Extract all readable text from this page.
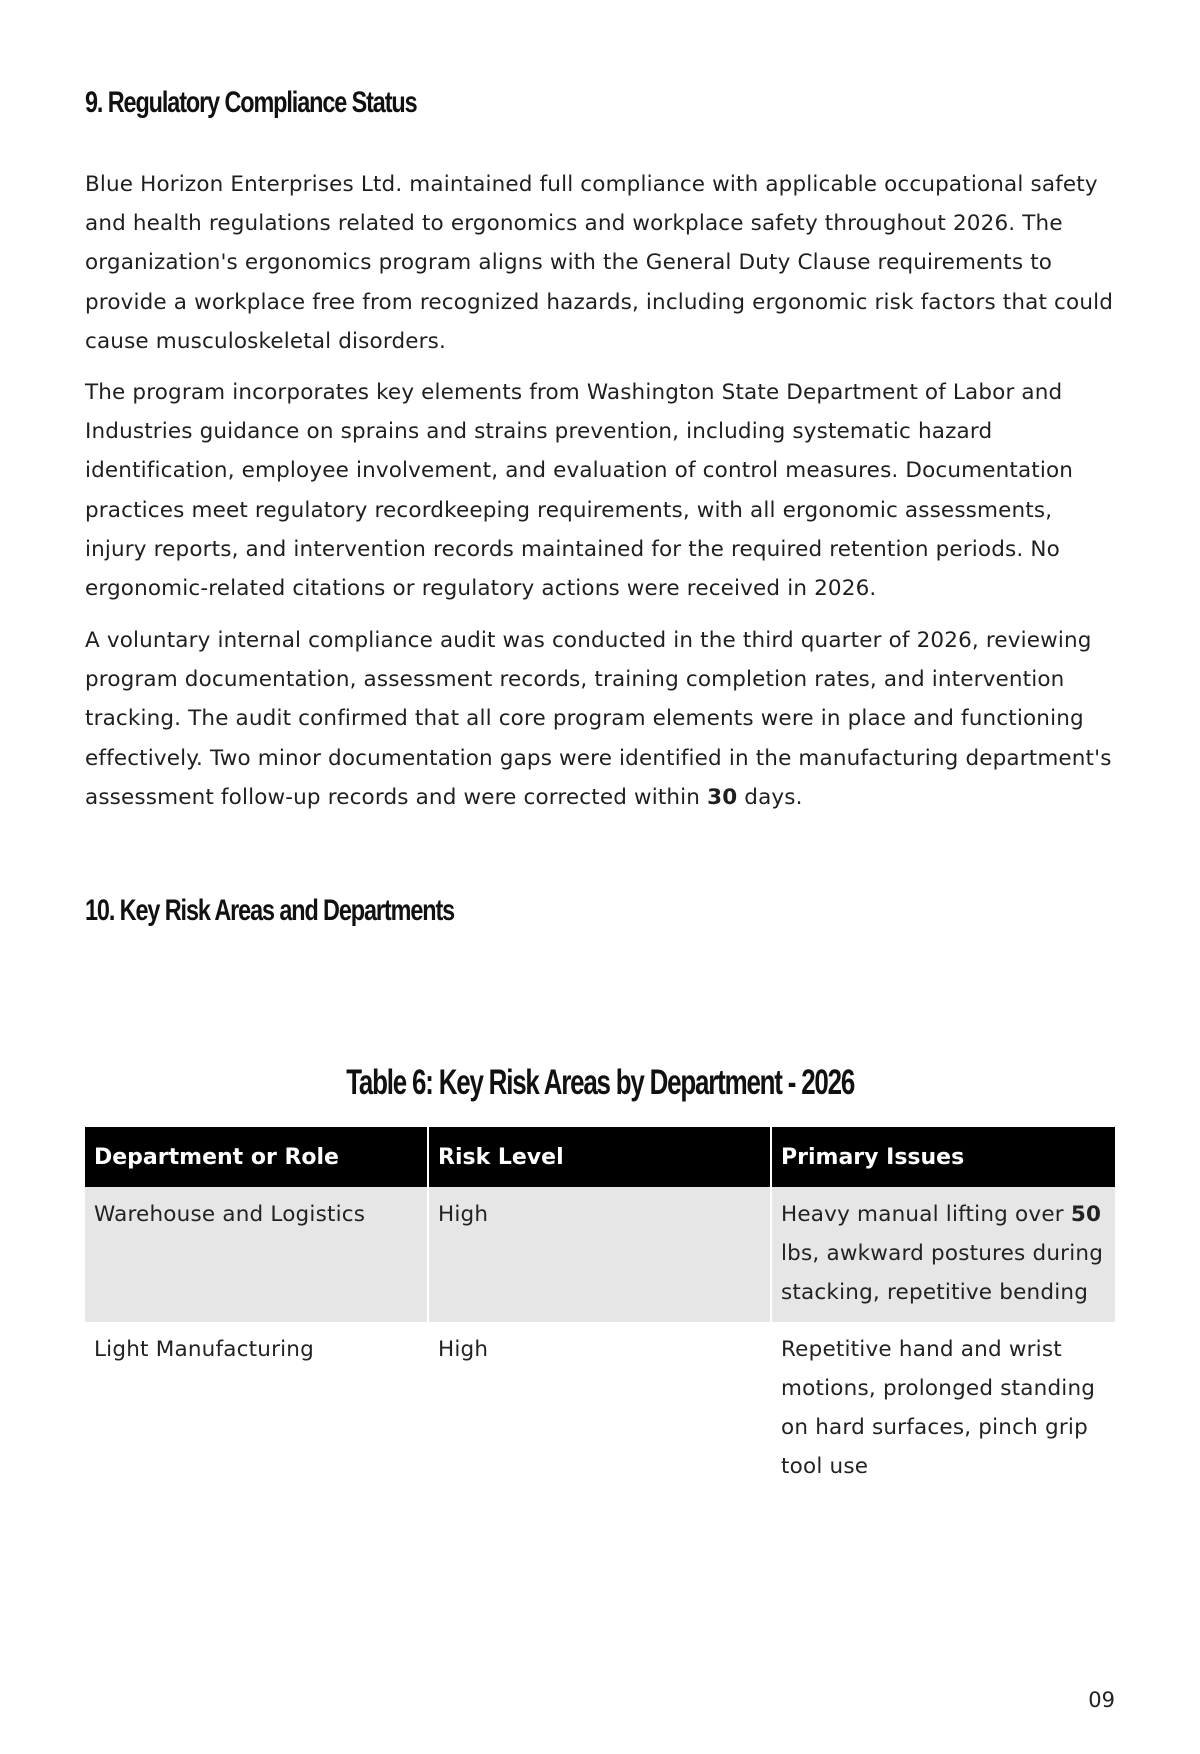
9. Regulatory Compliance Status

Blue Horizon Enterprises Ltd. maintained full compliance with applicable occupational safety and health regulations related to ergonomics and workplace safety throughout 2026. The organization's ergonomics program aligns with the General Duty Clause requirements to provide a workplace free from recognized hazards, including ergonomic risk factors that could cause musculoskeletal disorders.

The program incorporates key elements from Washington State Department of Labor and Industries guidance on sprains and strains prevention, including systematic hazard identification, employee involvement, and evaluation of control measures. Documentation practices meet regulatory recordkeeping requirements, with all ergonomic assessments, injury reports, and intervention records maintained for the required retention periods. No ergonomic-related citations or regulatory actions were received in 2026.

A voluntary internal compliance audit was conducted in the third quarter of 2026, reviewing program documentation, assessment records, training completion rates, and intervention tracking. The audit confirmed that all core program elements were in place and functioning effectively. Two minor documentation gaps were identified in the manufacturing department's assessment follow-up records and were corrected within 30 days.

10. Key Risk Areas and Departments
Table 6: Key Risk Areas by Department - 2026
Department or Role	Risk Level	Primary Issues
Warehouse and Logistics	High	Heavy manual lifting over 50 lbs, awkward postures during stacking, repetitive bending
Light Manufacturing	High	Repetitive hand and wrist motions, prolonged standing on hard surfaces, pinch grip tool use
09
